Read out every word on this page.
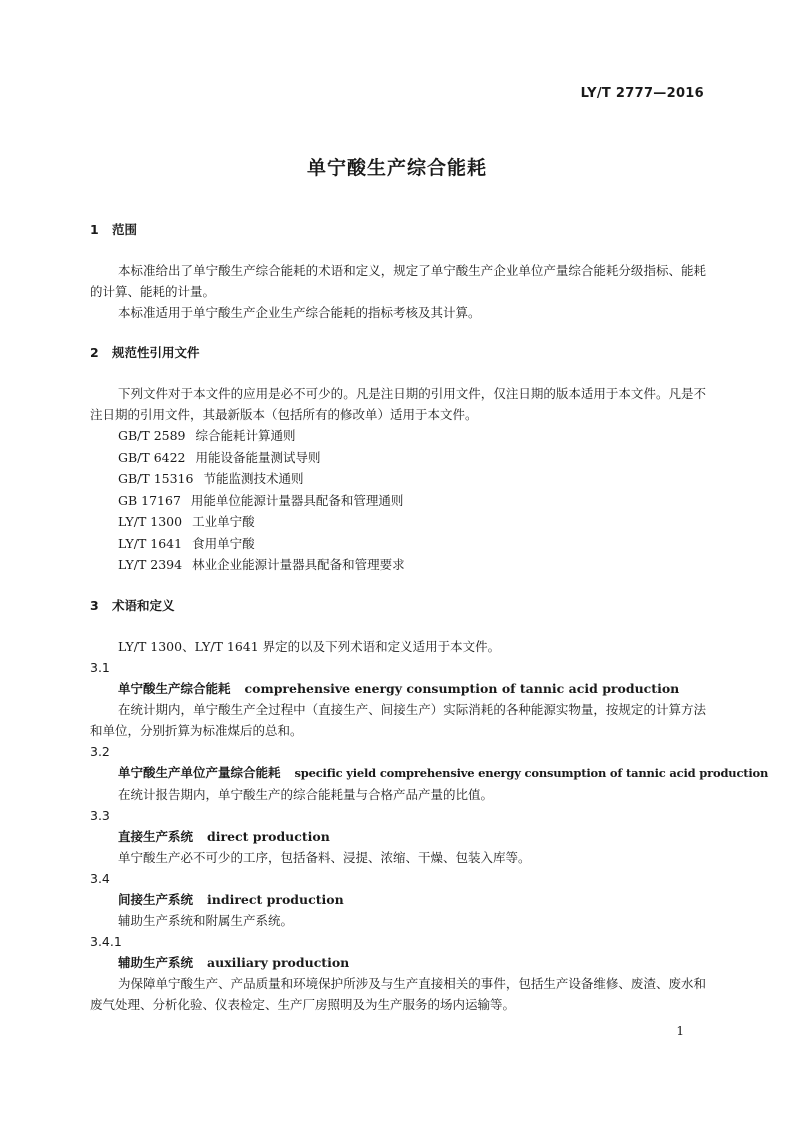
LY/T 2777—2016
单宁酸生产综合能耗
1 范围
本标准给出了单宁酸生产综合能耗的术语和定义，规定了单宁酸生产企业单位产量综合能耗分级指标、能耗的计算、能耗的计量。
本标准适用于单宁酸生产企业生产综合能耗的指标考核及其计算。
2 规范性引用文件
下列文件对于本文件的应用是必不可少的。凡是注日期的引用文件，仅注日期的版本适用于本文件。凡是不注日期的引用文件，其最新版本（包括所有的修改单）适用于本文件。
GB/T 2589 综合能耗计算通则
GB/T 6422 用能设备能量测试导则
GB/T 15316 节能监测技术通则
GB 17167 用能单位能源计量器具配备和管理通则
LY/T 1300 工业单宁酸
LY/T 1641 食用单宁酸
LY/T 2394 林业企业能源计量器具配备和管理要求
3 术语和定义
LY/T 1300、LY/T 1641 界定的以及下列术语和定义适用于本文件。
3.1
单宁酸生产综合能耗 comprehensive energy consumption of tannic acid production
在统计期内，单宁酸生产全过程中（直接生产、间接生产）实际消耗的各种能源实物量，按规定的计算方法和单位，分别折算为标准煤后的总和。
3.2
单宁酸生产单位产量综合能耗 specific yield comprehensive energy consumption of tannic acid production
在统计报告期内，单宁酸生产的综合能耗量与合格产品产量的比值。
3.3
直接生产系统 direct production
单宁酸生产必不可少的工序，包括备料、浸提、浓缩、干燥、包装入库等。
3.4
间接生产系统 indirect production
辅助生产系统和附属生产系统。
3.4.1
辅助生产系统 auxiliary production
为保障单宁酸生产、产品质量和环境保护所涉及与生产直接相关的事件，包括生产设备维修、废渣、废水和废气处理、分析化验、仪表检定、生产厂房照明及为生产服务的场内运输等。
1
